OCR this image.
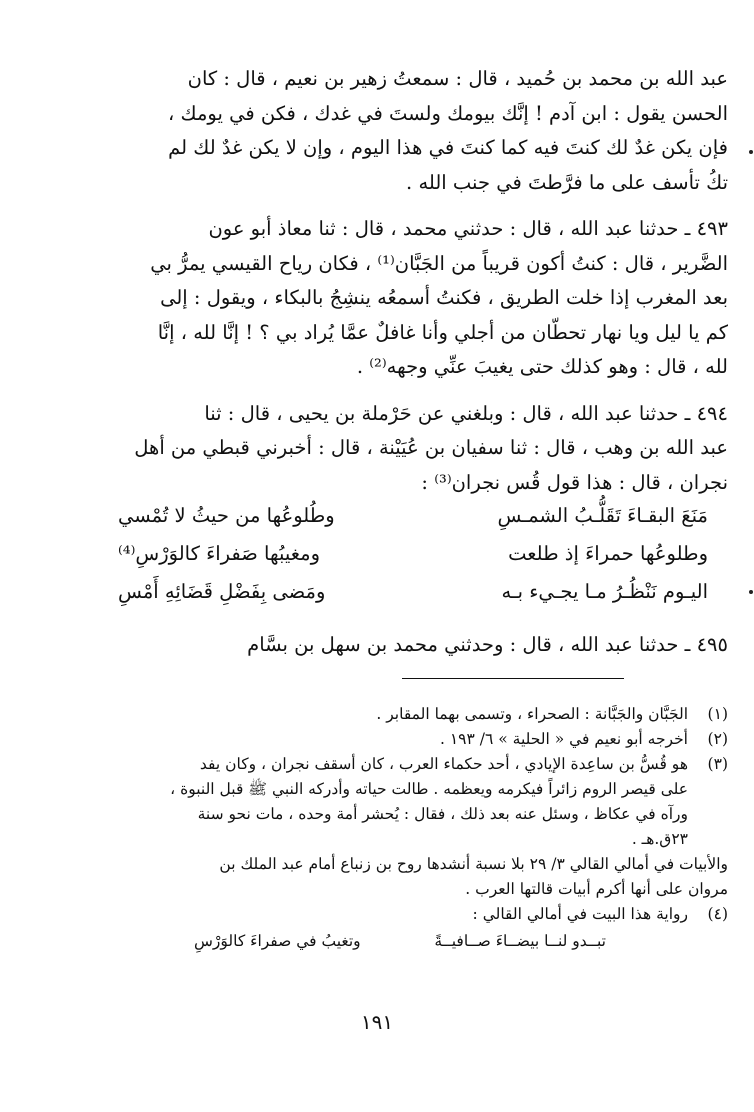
عبد الله بن محمد بن حُميد ، قال : سمعتُ زهير بن نعيم ، قال : كان
الحسن يقول : ابن آدم ! إنَّك بيومك ولستَ في غدك ، فكن في يومك ،
فإن يكن غدٌ لك كنتَ فيه كما كنتَ في هذا اليوم ، وإن لا يكن غدٌ لك لم
تكُ تأسف على ما فرَّطتَ في جنب الله .

٤٩٣ ـ حدثنا عبد الله ، قال : حدثني محمد ، قال : ثنا معاذ أبو عون
الضَّرير ، قال : كنتُ أكون قريباً من الجَبَّان⁽¹⁾ ، فكان رياح القيسي يمرُّ بي
بعد المغرب إذا خلت الطريق ، فكنتُ أسمعُه ينشِجُ بالبكاء ، ويقول : إلى
كم يا ليل ويا نهار تحطّان من أجلي وأنا غافلٌ عمَّا يُراد بي ؟ ! إنَّا لله ، إنَّا
لله ، قال : وهو كذلك حتى يغيبَ عنِّي وجهه⁽²⁾ .

٤٩٤ ـ حدثنا عبد الله ، قال : وبلغني عن حَرْملة بن يحيى ، قال : ثنا
عبد الله بن وهب ، قال : ثنا سفيان بن عُيَيْنة ، قال : أخبرني قبطي من أهل
نجران ، قال : هذا قول قُس نجران⁽³⁾ :

مَنَعَ البقـاءَ تَقَلُّـبُ الشمـسِ
وطُلوعُها من حيثُ لا تُمْسي
وطلوعُها حمراءَ إذ طلعت
ومغيبُها صَفراءَ كالوَرْسِ⁽⁴⁾
اليـوم نَنْظُـرُ مـا يجـيء بـه
ومَضى بِفَضْلِ قَضَائِهِ أَمْسِ

٤٩٥ ـ حدثنا عبد الله ، قال : وحدثني محمد بن سهل بن بسَّام

(١)
الجَبَّان والجَبَّانة : الصحراء ، وتسمى بهما المقابر .
(٢)
أخرجه أبو نعيم في « الحلية » ٦/ ١٩٣ .
(٣)
هو قُسُّ بن ساعِدة الإيادي ، أحد حكماء العرب ، كان أسقف نجران ، وكان يفد
على قيصر الروم زائراً فيكرمه ويعظمه . طالت حياته وأدركه النبي ﷺ قبل النبوة ،
ورآه في عكاظ ، وسئل عنه بعد ذلك ، فقال : يُحشر أمة وحده ، مات نحو سنة
٢٣ق.هـ .
والأبيات في أمالي القالي ٣/ ٢٩ بلا نسبة أنشدها روح بن زنباع أمام عبد الملك بن
مروان على أنها أكرم أبيات قالتها العرب .
(٤)
رواية هذا البيت في أمالي القالي :
تبــدو لنــا بيضــاءَ صــافيــةً
وتغيبُ في صفراءَ كالوَرْسِ
١٩١
